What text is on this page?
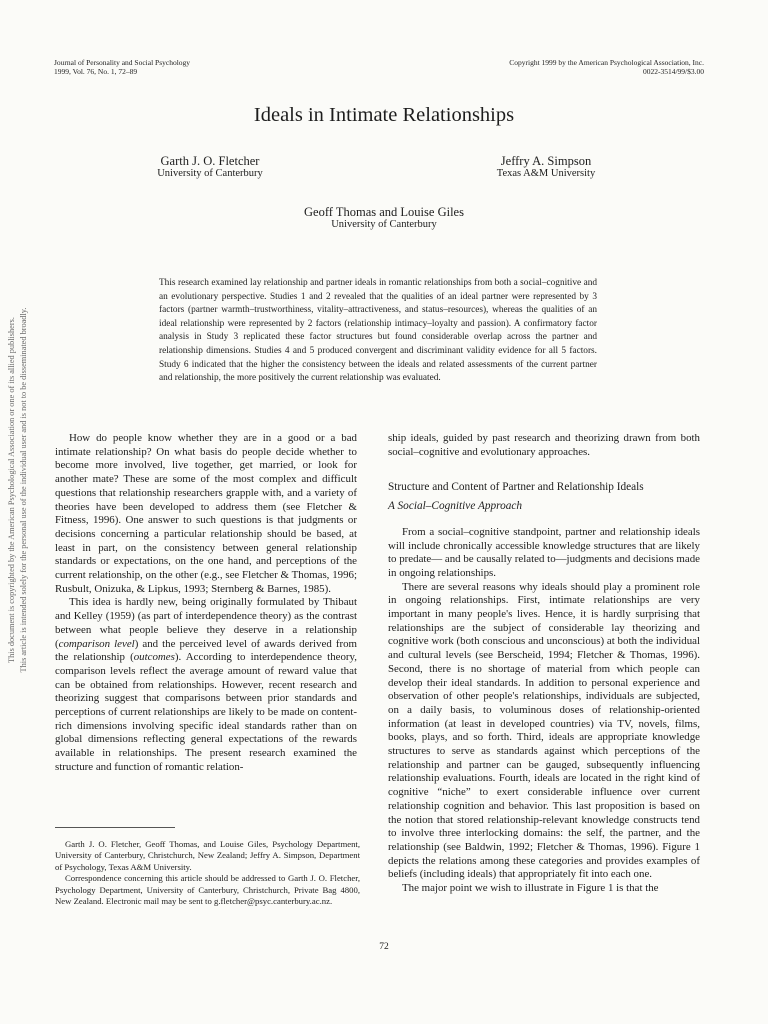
This document is copyrighted by the American Psychological Association or one of its allied publishers. This article is intended solely for the personal use of the individual user and is not to be disseminated broadly.
Journal of Personality and Social Psychology
1999, Vol. 76, No. 1, 72–89
Copyright 1999 by the American Psychological Association, Inc.
0022-3514/99/$3.00
Ideals in Intimate Relationships
Garth J. O. Fletcher
University of Canterbury
Jeffry A. Simpson
Texas A&M University
Geoff Thomas and Louise Giles
University of Canterbury
This research examined lay relationship and partner ideals in romantic relationships from both a social–cognitive and an evolutionary perspective. Studies 1 and 2 revealed that the qualities of an ideal partner were represented by 3 factors (partner warmth–trustworthiness, vitality–attractiveness, and status–resources), whereas the qualities of an ideal relationship were represented by 2 factors (relationship intimacy–loyalty and passion). A confirmatory factor analysis in Study 3 replicated these factor structures but found considerable overlap across the partner and relationship dimensions. Studies 4 and 5 produced convergent and discriminant validity evidence for all 5 factors. Study 6 indicated that the higher the consistency between the ideals and related assessments of the current partner and relationship, the more positively the current relationship was evaluated.

How do people know whether they are in a good or a bad intimate relationship? On what basis do people decide whether to become more involved, live together, get married, or look for another mate? These are some of the most complex and difficult questions that relationship researchers grapple with, and a variety of theories have been developed to address them (see Fletcher & Fitness, 1996). One answer to such questions is that judgments or decisions concerning a particular relationship should be based, at least in part, on the consistency between general relationship standards or expectations, on the one hand, and perceptions of the current relationship, on the other (e.g., see Fletcher & Thomas, 1996; Rusbult, Onizuka, & Lipkus, 1993; Sternberg & Barnes, 1985).

This idea is hardly new, being originally formulated by Thibaut and Kelley (1959) (as part of interdependence theory) as the contrast between what people believe they deserve in a relationship (comparison level) and the perceived level of awards derived from the relationship (outcomes). According to interdependence theory, comparison levels reflect the average amount of reward value that can be obtained from relationships. However, recent research and theorizing suggest that comparisons between prior standards and perceptions of current relationships are likely to be made on content-rich dimensions involving specific ideal standards rather than on global dimensions reflecting general expectations of the rewards available in relationships. The present research examined the structure and function of romantic relation-

ship ideals, guided by past research and theorizing drawn from both social–cognitive and evolutionary approaches.

Structure and Content of Partner and Relationship Ideals

A Social–Cognitive Approach

From a social–cognitive standpoint, partner and relationship ideals will include chronically accessible knowledge structures that are likely to predate— and be causally related to—judgments and decisions made in ongoing relationships.

There are several reasons why ideals should play a prominent role in ongoing relationships. First, intimate relationships are very important in many people's lives. Hence, it is hardly surprising that relationships are the subject of considerable lay theorizing and cognitive work (both conscious and unconscious) at both the individual and cultural levels (see Berscheid, 1994; Fletcher & Thomas, 1996). Second, there is no shortage of material from which people can develop their ideal standards. In addition to personal experience and observation of other people's relationships, individuals are subjected, on a daily basis, to voluminous doses of relationship-oriented information (at least in developed countries) via TV, novels, films, books, plays, and so forth. Third, ideals are appropriate knowledge structures to serve as standards against which perceptions of the relationship and partner can be gauged, subsequently influencing relationship evaluations. Fourth, ideals are located in the right kind of cognitive “niche” to exert considerable influence over current relationship cognition and behavior. This last proposition is based on the notion that stored relationship-relevant knowledge constructs tend to involve three interlocking domains: the self, the partner, and the relationship (see Baldwin, 1992; Fletcher & Thomas, 1996). Figure 1 depicts the relations among these categories and provides examples of beliefs (including ideals) that appropriately fit into each one.

The major point we wish to illustrate in Figure 1 is that the

Garth J. O. Fletcher, Geoff Thomas, and Louise Giles, Psychology Department, University of Canterbury, Christchurch, New Zealand; Jeffry A. Simpson, Department of Psychology, Texas A&M University.

Correspondence concerning this article should be addressed to Garth J. O. Fletcher, Psychology Department, University of Canterbury, Christchurch, Private Bag 4800, New Zealand. Electronic mail may be sent to g.fletcher@psyc.canterbury.ac.nz.

72
